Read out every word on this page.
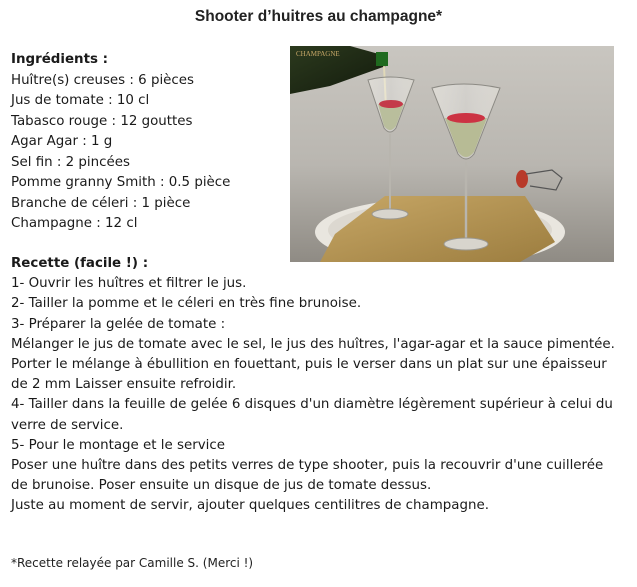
Shooter d’huitres au champagne*
Ingrédients :
Huître(s) creuses : 6 pièces
Jus de tomate : 10 cl
Tabasco rouge : 12 gouttes
Agar Agar : 1 g
Sel fin : 2 pincées
Pomme granny Smith : 0.5 pièce
Branche de céleri : 1 pièce
Champagne : 12 cl
CHAMPAGNE
Recette (facile !) :
1- Ouvrir les huîtres et filtrer le jus.
2- Tailler la pomme et le céleri en très fine brunoise.
3- Préparer la gelée de tomate :
Mélanger le jus de tomate avec le sel, le jus des huîtres, l'agar-agar et la sauce pimentée. Porter le mélange à ébullition en fouettant, puis le verser dans un plat sur une épaisseur de 2 mm Laisser ensuite refroidir.
4- Tailler dans la feuille de gelée 6 disques d'un diamètre légèrement supérieur à celui du verre de service.
5- Pour le montage et le service
Poser une huître dans des petits verres de type shooter, puis la recouvrir d'une cuillerée de brunoise. Poser ensuite un disque de jus de tomate dessus.
Juste au moment de servir, ajouter quelques centilitres de champagne.
*Recette relayée par Camille S. (Merci !)
